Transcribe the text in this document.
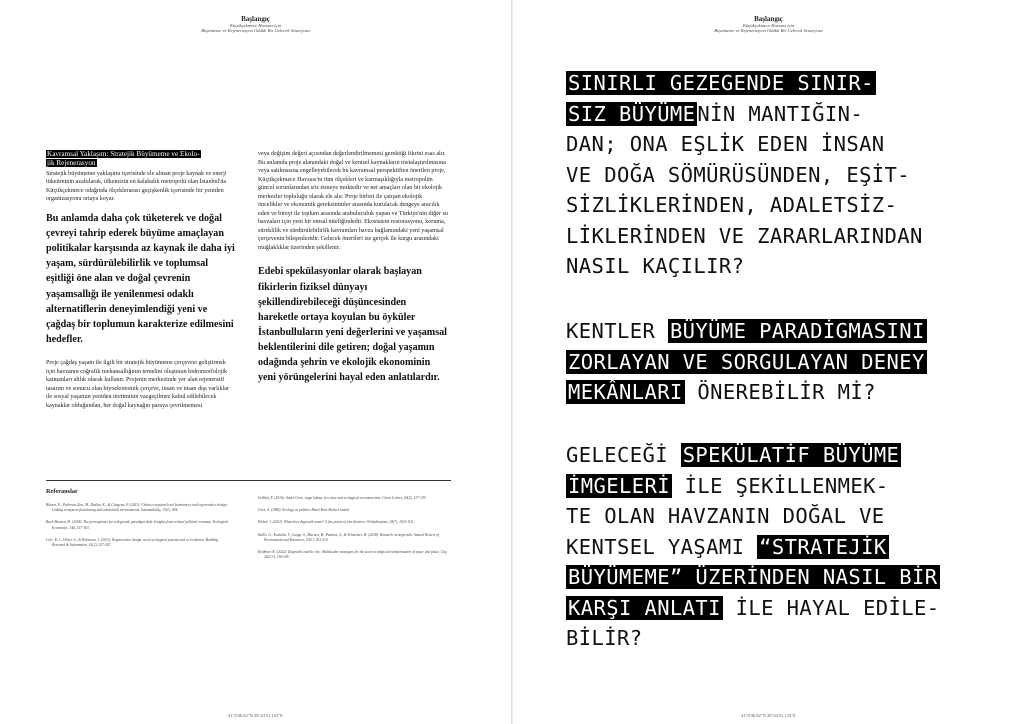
Başlangıç
Küçükçekmece Havzası için
Büyümeme ve Rejenerasyon Odaklı Bir Gelecek Senaryosu
Kavramsal Yaklaşım: Stratejik Büyümeme ve Ekolo-
jik Rejenerasyon

Stratejik büyümeme yaklaşımı içerisinde ele alınan proje kaynak ve enerji tüketiminin azaltılarak, ülkemizin en kalabalık metropolü olan İstanbul'da Küçükçekmece odağında ölçeklerarası geçişkenlik içerisinde bir yeniden organizasyonu ortaya koyar.

Bu anlamda daha çok tüketerek ve doğal çevreyi tahrip ederek büyüme amaçlayan politikalar karşısında az kaynak ile daha iyi yaşam, sürdürülebilirlik ve toplumsal eşitliği öne alan ve doğal çevrenin yaşamsallığı ile yenilenmesi odaklı alternatiflerin deneyimlendiği yeni ve çağdaş bir toplumun karakterize edilmesini hedefler.

Proje çağdaş yaşam ile ilgili bir stratejik büyümeme çerçevesi geliştirmek için havzanın coğrafik mekansallığının temelini oluşturan hidromorfolojik katmanları altlık olarak kullanır. Projenin merkezinde yer alan rejeneratif tasarım ve sonucu olan biyoekonomik çerçeve, insan ve insan dışı varlıklar ile sosyal yaşamın yeniden üretiminin vazgeçilmez kabul edilebilecek kaynaklar olduğundan, her doğal kaynağın paraya çevrilmemesi

veya değişim değeri açısından değerlendirilmemesi gerektiği fikrini esas alır. Bu anlamda proje alanındaki doğal ve kentsel kaynakların metalaştırılmasına veya satılmasına engelleyebilecek bu kavramsal perspektiften önerilen proje, Küçükçekmece Havzası'nı tüm ölçekleri ve karmaşıklığıyla metropolün güncel sorunlarından söz etmeye muktedir ve net amaçları olan bir ekolojik merkezler topluluğu olarak ele alır. Proje birbiri ile çatışan ekolojik öncelikler ve ekonomik gereksinimler arasında kurulacak dengeye aracılık eden ve bireyi ile toplum arasında arabuluculuk yapan ve Türkiye'nin diğer su havzaları için yeni bir emsal niteliğindedir. Ekosistem restorasyonu, koruma, süreklilik ve sürdürülebilirlik kavramları havza bağlamındaki yeni yaşamsal çerçevenin bileşenleridir. Gelecek önerileri ise gerçek ile kurgu arasındaki muğlaklıklar üzerinden şekillenir.

Edebi spekülasyonlar olarak başlayan fikirlerin fiziksel dünyayı şekillendirebileceği düşüncesinden hareketle ortaya koyulan bu öyküler İstanbulluların yeni değerlerini ve yaşamsal beklentilerini dile getiren; doğal yaşamın odağında şehrin ve ekolojik ekonominin yeni yörüngelerini hayal eden anlatılardır.

Referanslar

Blanco, E., Pedersen Zari, M., Raskin, K., & Clergeau, P. (2021). Urban ecosystem-level biomimicry and regenerative design: Linking ecosystem functioning and urban built environments. Sustainability, 13(1), 404.

Buch-Hansen, H. (2018). The prerequisites for a degrowth paradigm shift: Insights from critical political economy. Ecological Economics, 146, 157-163.

Cole, R. J., Oliver, A., & Robinson, J. (2013). Regenerative design, socio-ecological systems and co-evolution. Building Research & Information, 41(2), 237-247.

Gollain, F. (2016). André Gorz: wage labour, free time and ecological reconstruction. Green Letters, 20(2), 127-139.

Gorz, A. (1980). Ecology as politics. Black Rose Books Limited.

Hickel, J. (2021). What does degrowth mean? A few points of clarification. Globalizations, 18(7), 1105-1111.

Kallis, G., Kostakis, V., Lange, S., Muraca, B., Paulson, S., & Schmelzer, M. (2018). Research on degrowth. Annual Review of Environment and Resources, 43(1), 291-316.

Krähmer, K. (2022). Degrowth and the city: Multiscalar strategies for the socio-ecological transformation of space and place. City, 26(2-3), 316-345.

41°0′46.92″N 28°44′51.133″E
Başlangıç
Küçükçekmece Havzası için
Büyümeme ve Rejenerasyon Odaklı Bir Gelecek Senaryosu
41°0′46.92″N 28°44′51.133″E
SINIRLI GEZEGENDE SINIR-
SIZ BÜYÜMENİN MANTIĞIN-
DAN; ONA EŞLİK EDEN İNSAN
VE DOĞA SÖMÜRÜSÜNDEN, EŞİT-
SİZLİKLERİNDEN, ADALETSİZ-
LİKLERİNDEN VE ZARARLARINDAN
NASIL KAÇILIR?
KENTLER BÜYÜME PARADİGMASINI
ZORLAYAN VE SORGULAYAN DENEY
MEKÂNLARI ÖNEREBİLİR Mİ?
GELECEĞİ SPEKÜLATİF BÜYÜME
İMGELERİ İLE ŞEKİLLENMEK-
TE OLAN HAVZANIN DOĞAL VE
KENTSEL YAŞAMI “STRATEJİK
BÜYÜMEME” ÜZERİNDEN NASIL BİR
KARŞI ANLATI İLE HAYAL EDİLE-
BİLİR?
